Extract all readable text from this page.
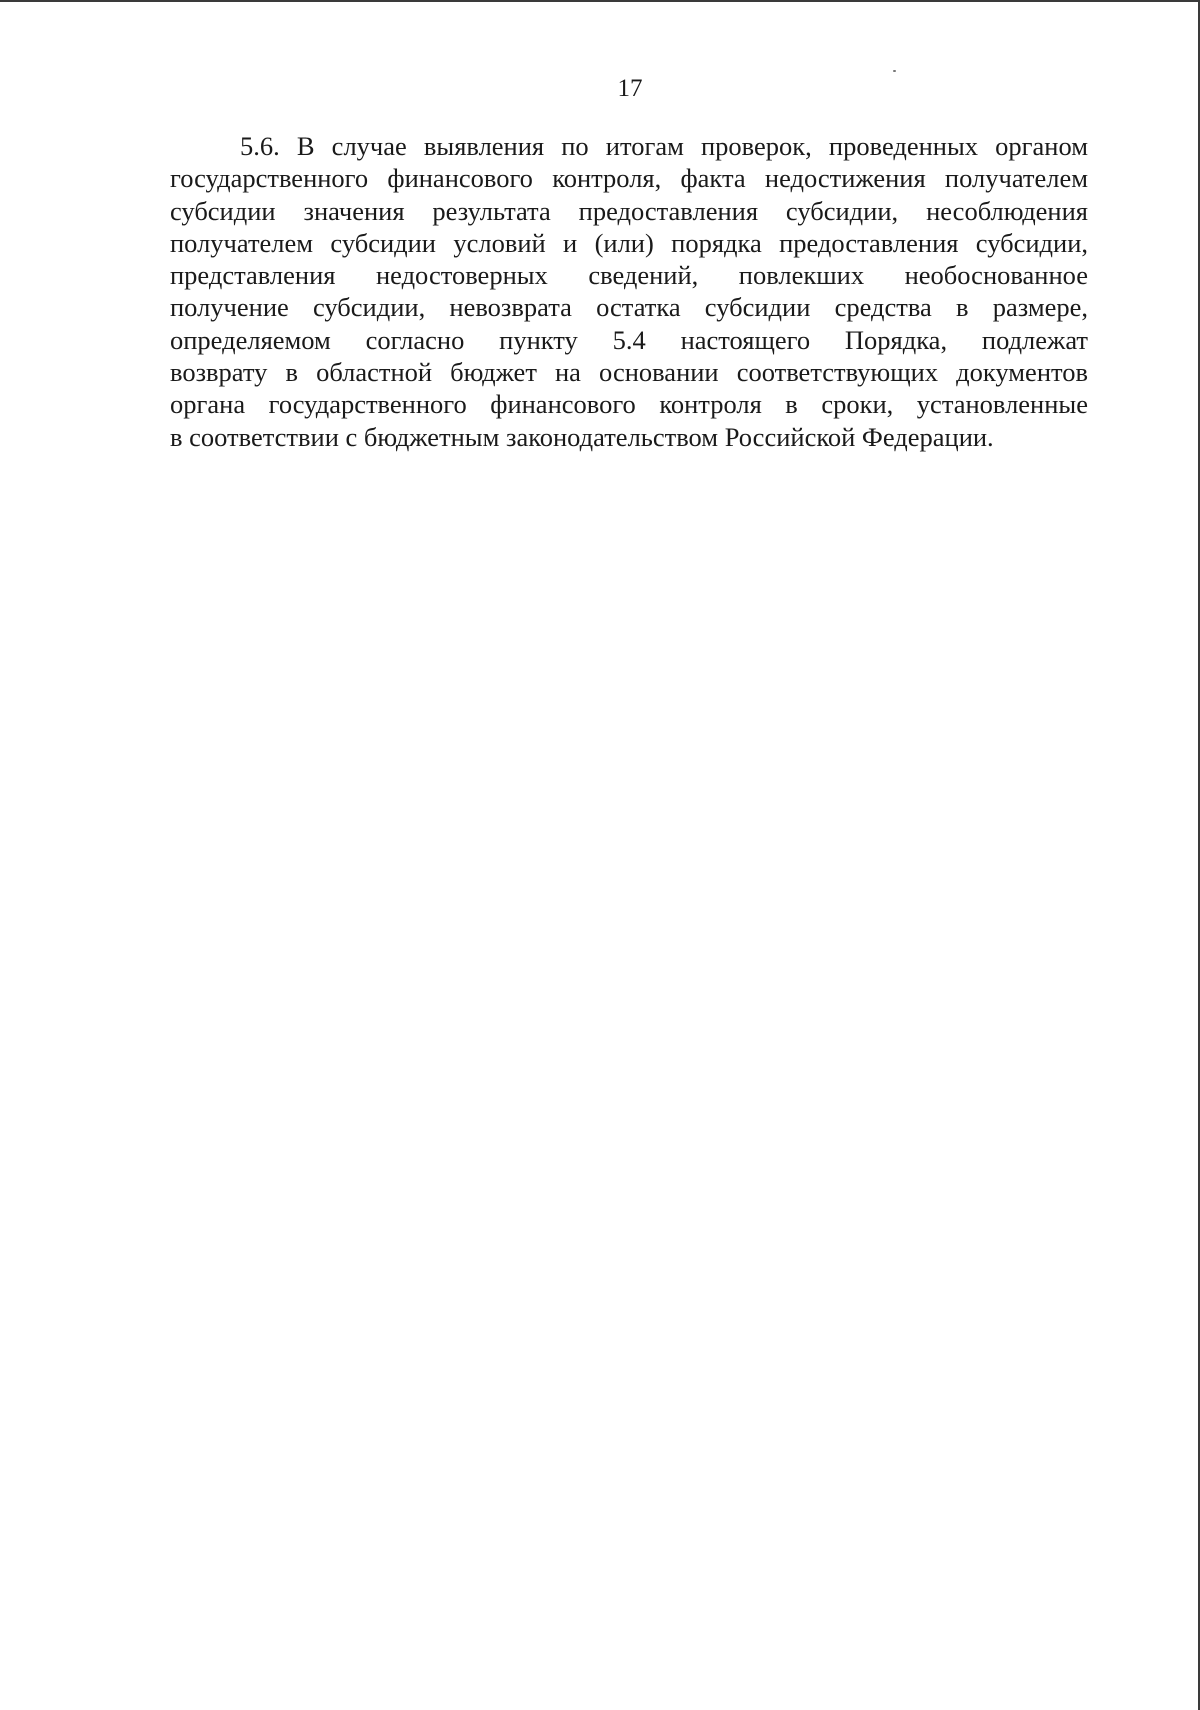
17
5.6. В случае выявления по итогам проверок, проведенных органом
государственного финансового контроля, факта недостижения получателем
субсидии значения результата предоставления субсидии, несоблюдения
получателем субсидии условий и (или) порядка предоставления субсидии,
представления недостоверных сведений, повлекших необоснованное
получение субсидии, невозврата остатка субсидии средства в размере,
определяемом согласно пункту 5.4 настоящего Порядка, подлежат
возврату в областной бюджет на основании соответствующих документов
органа государственного финансового контроля в сроки, установленные
в соответствии с бюджетным законодательством Российской Федерации.
